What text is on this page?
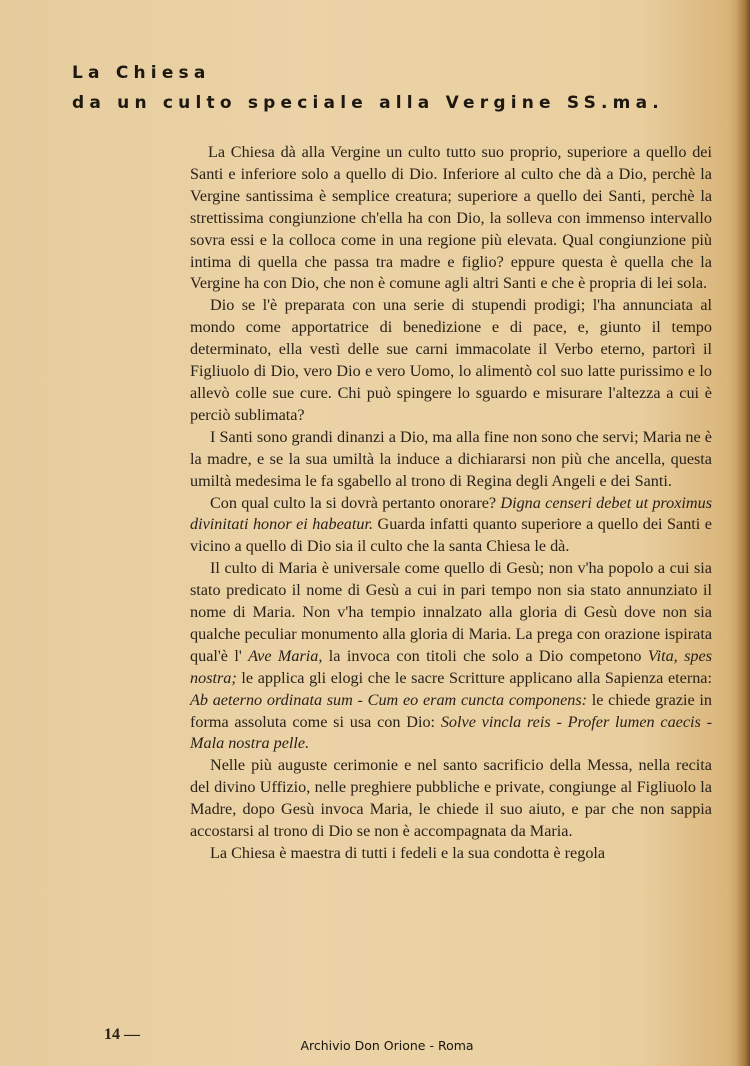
La Chiesa
da un culto speciale alla Vergine SS.ma.

La Chiesa dà alla Vergine un culto tutto suo proprio, superiore a quello dei Santi e inferiore solo a quello di Dio. Inferiore al culto che dà a Dio, perchè la Vergine santissima è semplice creatura; superiore a quello dei Santi, perchè la strettissima congiunzione ch'ella ha con Dio, la solleva con immenso intervallo sovra essi e la colloca come in una regione più elevata. Qual congiunzione più intima di quella che passa tra madre e figlio? eppure questa è quella che la Vergine ha con Dio, che non è comune agli altri Santi e che è propria di lei sola.

Dio se l'è preparata con una serie di stupendi prodigi; l'ha annunciata al mondo come apportatrice di benedizione e di pace, e, giunto il tempo determinato, ella vestì delle sue carni immacolate il Verbo eterno, partorì il Figliuolo di Dio, vero Dio e vero Uomo, lo alimentò col suo latte purissimo e lo allevò colle sue cure. Chi può spingere lo sguardo e misurare l'altezza a cui è perciò sublimata?

I Santi sono grandi dinanzi a Dio, ma alla fine non sono che servi; Maria ne è la madre, e se la sua umiltà la induce a dichiararsi non più che ancella, questa umiltà medesima le fa sgabello al trono di Regina degli Angeli e dei Santi.

Con qual culto la si dovrà pertanto onorare? Digna censeri debet ut proximus divinitati honor ei habeatur. Guarda infatti quanto superiore a quello dei Santi e vicino a quello di Dio sia il culto che la santa Chiesa le dà.

Il culto di Maria è universale come quello di Gesù; non v'ha popolo a cui sia stato predicato il nome di Gesù a cui in pari tempo non sia stato annunziato il nome di Maria. Non v'ha tempio innalzato alla gloria di Gesù dove non sia qualche peculiar monumento alla gloria di Maria. La prega con orazione ispirata qual'è l' Ave Maria, la invoca con titoli che solo a Dio competono Vita, spes nostra; le applica gli elogi che le sacre Scritture applicano alla Sapienza eterna: Ab aeterno ordinata sum - Cum eo eram cuncta componens: le chiede grazie in forma assoluta come si usa con Dio: Solve vincla reis - Profer lumen caecis - Mala nostra pelle.

Nelle più auguste cerimonie e nel santo sacrificio della Messa, nella recita del divino Uffizio, nelle preghiere pubbliche e private, congiunge al Figliuolo la Madre, dopo Gesù invoca Maria, le chiede il suo aiuto, e par che non sappia accostarsi al trono di Dio se non è accompagnata da Maria.

La Chiesa è maestra di tutti i fedeli e la sua condotta è regola

14 —
Archivio Don Orione - Roma
